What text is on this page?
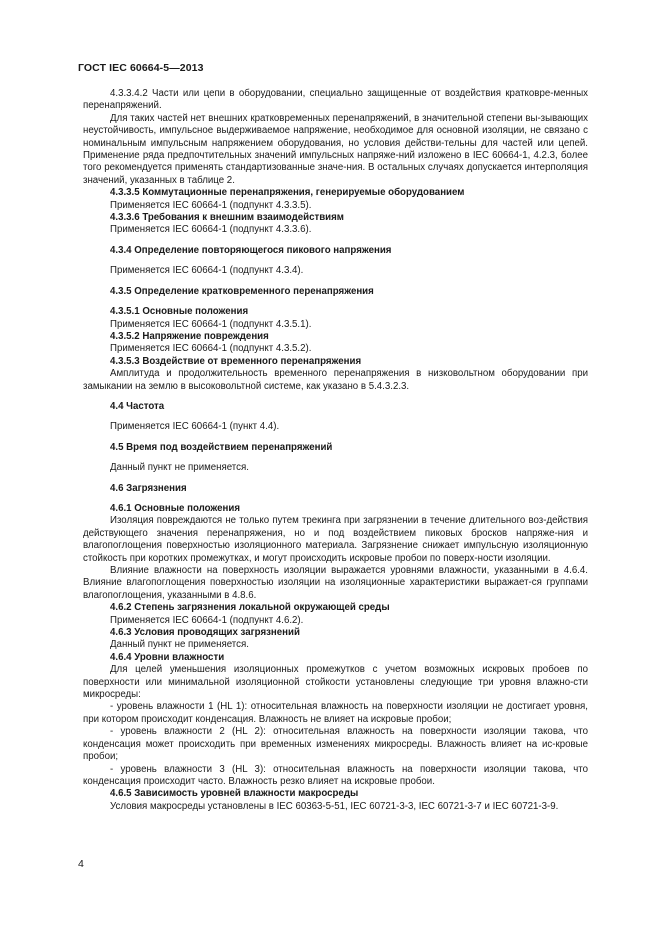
ГОСТ IEC 60664-5—2013

4.3.3.4.2 Части или цепи в оборудовании, специально защищенные от воздействия кратковре-менных перенапряжений.

Для таких частей нет внешних кратковременных перенапряжений, в значительной степени вы-зывающих неустойчивость, импульсное выдерживаемое напряжение, необходимое для основной изоляции, не связано с номинальным импульсным напряжением оборудования, но условия действи-тельны для частей или цепей. Применение ряда предпочтительных значений импульсных напряже-ний изложено в IEC 60664-1, 4.2.3, более того рекомендуется применять стандартизованные значе-ния. В остальных случаях допускается интерполяция значений, указанных в таблице 2.

4.3.3.5 Коммутационные перенапряжения, генерируемые оборудованием

Применяется IEC 60664-1 (подпункт 4.3.3.5).

4.3.3.6 Требования к внешним взаимодействиям

Применяется IEC 60664-1 (подпункт 4.3.3.6).

4.3.4 Определение повторяющегося пикового напряжения

Применяется IEC 60664-1 (подпункт 4.3.4).

4.3.5 Определение кратковременного перенапряжения

4.3.5.1 Основные положения

Применяется IEC 60664-1 (подпункт 4.3.5.1).

4.3.5.2 Напряжение повреждения

Применяется IEC 60664-1 (подпункт 4.3.5.2).

4.3.5.3 Воздействие от временного перенапряжения

Амплитуда и продолжительность временного перенапряжения в низковольтном оборудовании при замыкании на землю в высоковольтной системе, как указано в 5.4.3.2.3.

4.4 Частота

Применяется IEC 60664-1 (пункт 4.4).

4.5 Время под воздействием перенапряжений

Данный пункт не применяется.

4.6 Загрязнения

4.6.1 Основные положения

Изоляция повреждаются не только путем трекинга при загрязнении в течение длительного воз-действия действующего значения перенапряжения, но и под воздействием пиковых бросков напряже-ния и влагопоглощения поверхностью изоляционного материала. Загрязнение снижает импульсную изоляционную стойкость при коротких промежутках, и могут происходить искровые пробои по поверх-ности изоляции.

Влияние влажности на поверхность изоляции выражается уровнями влажности, указанными в 4.6.4. Влияние влагопоглощения поверхностью изоляции на изоляционные характеристики выражает-ся группами влагопоглощения, указанными в 4.8.6.

4.6.2 Степень загрязнения локальной окружающей среды

Применяется IEC 60664-1 (подпункт 4.6.2).

4.6.3 Условия проводящих загрязнений

Данный пункт не применяется.

4.6.4 Уровни влажности

Для целей уменьшения изоляционных промежутков с учетом возможных искровых пробоев по поверхности или минимальной изоляционной стойкости установлены следующие три уровня влажно-сти микросреды:

- уровень влажности 1 (HL 1): относительная влажность на поверхности изоляции не достигает уровня, при котором происходит конденсация. Влажность не влияет на искровые пробои;

- уровень влажности 2 (HL 2): относительная влажность на поверхности изоляции такова, что конденсация может происходить при временных изменениях микросреды. Влажность влияет на ис-кровые пробои;

- уровень влажности 3 (HL 3): относительная влажность на поверхности изоляции такова, что конденсация происходит часто. Влажность резко влияет на искровые пробои.

4.6.5 Зависимость уровней влажности макросреды

Условия макросреды установлены в IEC 60363-5-51, IEC 60721-3-3, IEC 60721-3-7 и IEC 60721-3-9.

4
